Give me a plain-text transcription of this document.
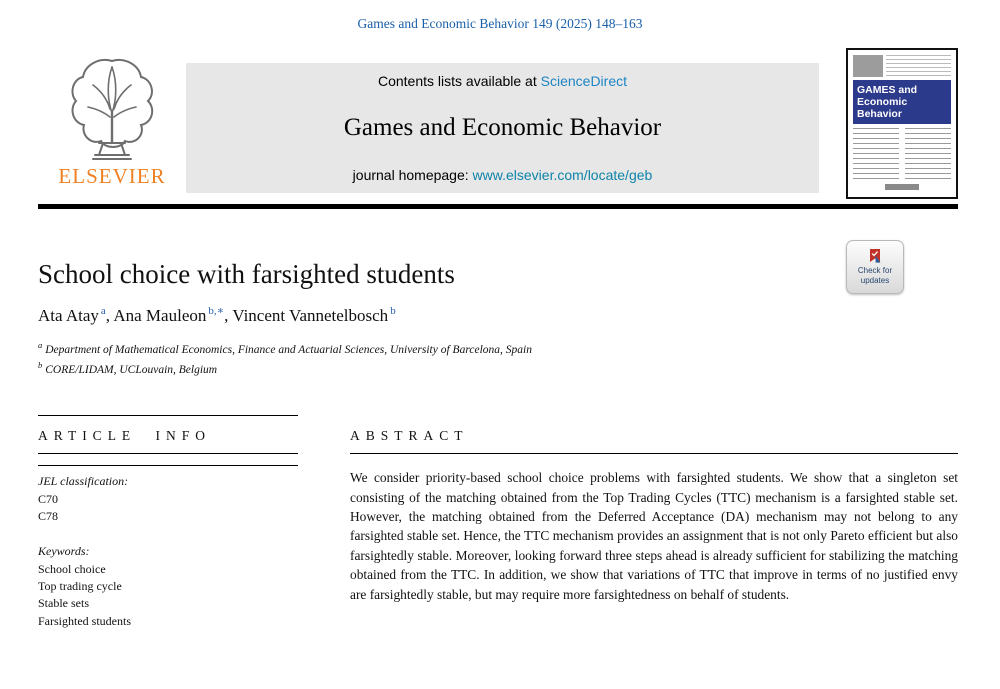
Games and Economic Behavior 149 (2025) 148–163
ELSEVIER
Contents lists available at ScienceDirect
Games and Economic Behavior
journal homepage: www.elsevier.com/locate/geb
GAMES and
Economic
Behavior
School choice with farsighted students	Check for
updates
Ata Atay $^a$, Ana Mauleon $^{b,∗}$, Vincent Vannetelbosch $^b$
$^a$ Department of Mathematical Economics, Finance and Actuarial Sciences, University of Barcelona, Spain
$^b$ CORE/LIDAM, UCLouvain, Belgium
ARTICLE INFO
JEL classification:
C70
C78
Keywords:
School choice
Top trading cycle
Stable sets
Farsighted students
ABSTRACT
We consider priority-based school choice problems with farsighted students. We show that a singleton set consisting of the matching obtained from the Top Trading Cycles (TTC) mechanism is a farsighted stable set. However, the matching obtained from the Deferred Acceptance (DA) mechanism may not belong to any farsighted stable set. Hence, the TTC mechanism provides an assignment that is not only Pareto efficient but also farsightedly stable. Moreover, looking forward three steps ahead is already sufficient for stabilizing the matching obtained from the TTC. In addition, we show that variations of TTC that improve in terms of no justified envy are farsightedly stable, but may require more farsightedness on behalf of students.
